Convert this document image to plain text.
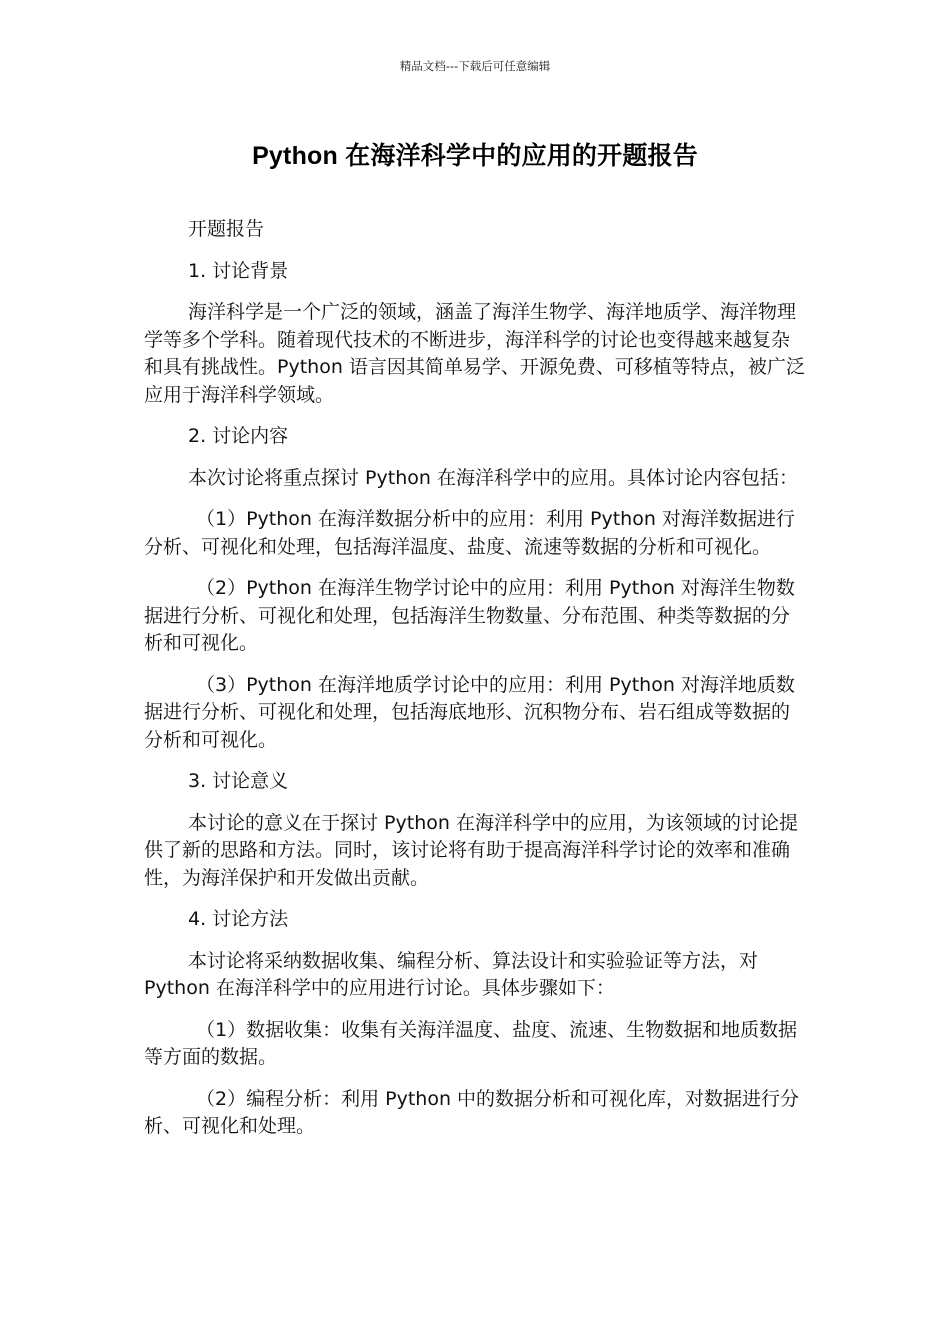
精品文档---下载后可任意编辑
Python 在海洋科学中的应用的开题报告

开题报告

1. 讨论背景

海洋科学是一个广泛的领域，涵盖了海洋生物学、海洋地质学、海洋物理学等多个学科。随着现代技术的不断进步，海洋科学的讨论也变得越来越复杂和具有挑战性。Python 语言因其简单易学、开源免费、可移植等特点，被广泛应用于海洋科学领域。

2. 讨论内容

本次讨论将重点探讨 Python 在海洋科学中的应用。具体讨论内容包括：

（1）Python 在海洋数据分析中的应用：利用 Python 对海洋数据进行分析、可视化和处理，包括海洋温度、盐度、流速等数据的分析和可视化。

（2）Python 在海洋生物学讨论中的应用：利用 Python 对海洋生物数据进行分析、可视化和处理，包括海洋生物数量、分布范围、种类等数据的分析和可视化。

（3）Python 在海洋地质学讨论中的应用：利用 Python 对海洋地质数据进行分析、可视化和处理，包括海底地形、沉积物分布、岩石组成等数据的分析和可视化。

3. 讨论意义

本讨论的意义在于探讨 Python 在海洋科学中的应用，为该领域的讨论提供了新的思路和方法。同时，该讨论将有助于提高海洋科学讨论的效率和准确性，为海洋保护和开发做出贡献。

4. 讨论方法

本讨论将采纳数据收集、编程分析、算法设计和实验验证等方法，对 Python 在海洋科学中的应用进行讨论。具体步骤如下：

（1）数据收集：收集有关海洋温度、盐度、流速、生物数据和地质数据等方面的数据。

（2）编程分析：利用 Python 中的数据分析和可视化库，对数据进行分析、可视化和处理。
